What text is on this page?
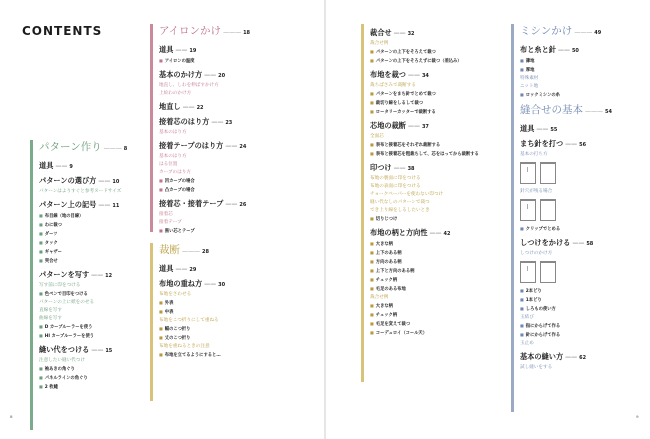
CONTENTS
パターン作り ——— 8
道具 —— 9
パターンの選び方 —— 10
パターンはよりすぐと参考ヌードサイズ
パターン上の記号 —— 11
■ 布目線（地の目線）
■ わに裁つ
■ ダーツ
■ タック
■ ギャザー
■ 突合せ
パターンを写す —— 12
写す前に印をつける
■ 色ペンで目印をつける
パターンの上に紙をのせる
直線を写す
曲線を写す
■ D カーブルーラーを使う
■ HI カーブルーラーを使う
縫い代をつける —— 15
注意したい縫い代つけ
■ 袖あきの角ぐり
■ パネルラインの角ぐり
■ 2 枚縫
アイロンかけ ——— 18
道具 —— 19
■ アイロンの温度
基本のかけ方 —— 20
地直し、しわを伸ばすかけ方
上絵わのかけ方
地直し —— 22
接着芯のはり方 —— 23
基本のはり方
接着テープのはり方 —— 24
基本のはり方
はる位置
カーブのはり方
■ 凹カーブの場合
■ 凸カーブの場合
接着芯・接着テープ —— 26
接着芯
接着テープ
■ 黒い芯とテープ
裁断 ——— 28
道具 —— 29
布地の重ね方 —— 30
布地をさわせる
■ 外表
■ 中表
布地をこつ折りにして重ねる
■ 幅のこつ折り
■ 丈のこつ折り
布地を重ねるときの注意
■ 布地を立てるようにすると…
裁合せ —— 32
裁合せ例
■ パターンの上下をそろえて裁つ
■ パターンの上下をそろえずに裁つ（差込み）
布地を裁つ —— 34
裁ちばさみで裁断する
■ パターンをまち針でとめて裁つ
■ 裁切り線をしるして裁つ
■ ロータリーカッターで裁断する
芯地の裁断 —— 37
全面芯
■ 表布と接着芯をそれぞれ裁断する
■ 表布と接着芯を粗裁ちして、芯をはってから裁断する
印つけ —— 38
布地の裏面に印をつける
布地の表面に印をつける
チョークペーパーを使わない印つけ
縫い代なしのパターンで裁つ
でき上り線をしるしたいとき
■ 切りじつけ
布地の柄と方向性 —— 42
■ 大きな柄
■ 上下のある柄
■ 方向のある柄
■ 上下と方向のある柄
■ チェック柄
■ 毛足のある布地
裁合せ例
■ 大きな柄
■ チェック柄
■ 毛足を変えて裁つ
■ コーデュロイ（コール天）
ミシンかけ ——— 49
布と糸と針 —— 50
■ 薄地
■ 厚地
特殊素材
ニット地
■ ロックミシンの糸
縫合せの基本 ——— 54
道具 —— 55
まち針を打つ —— 56
基本の打ち方
針穴が残る場合
■ クリップでとめる
しつけをかける —— 58
しつけのかけ方
■ 2本どり
■ 1本どり
■ しろもの使い方
玉結び
■ 指にからげて作る
■ 針にからげて作る
玉止め
基本の縫い方 —— 62
試し縫いをする
8	9
